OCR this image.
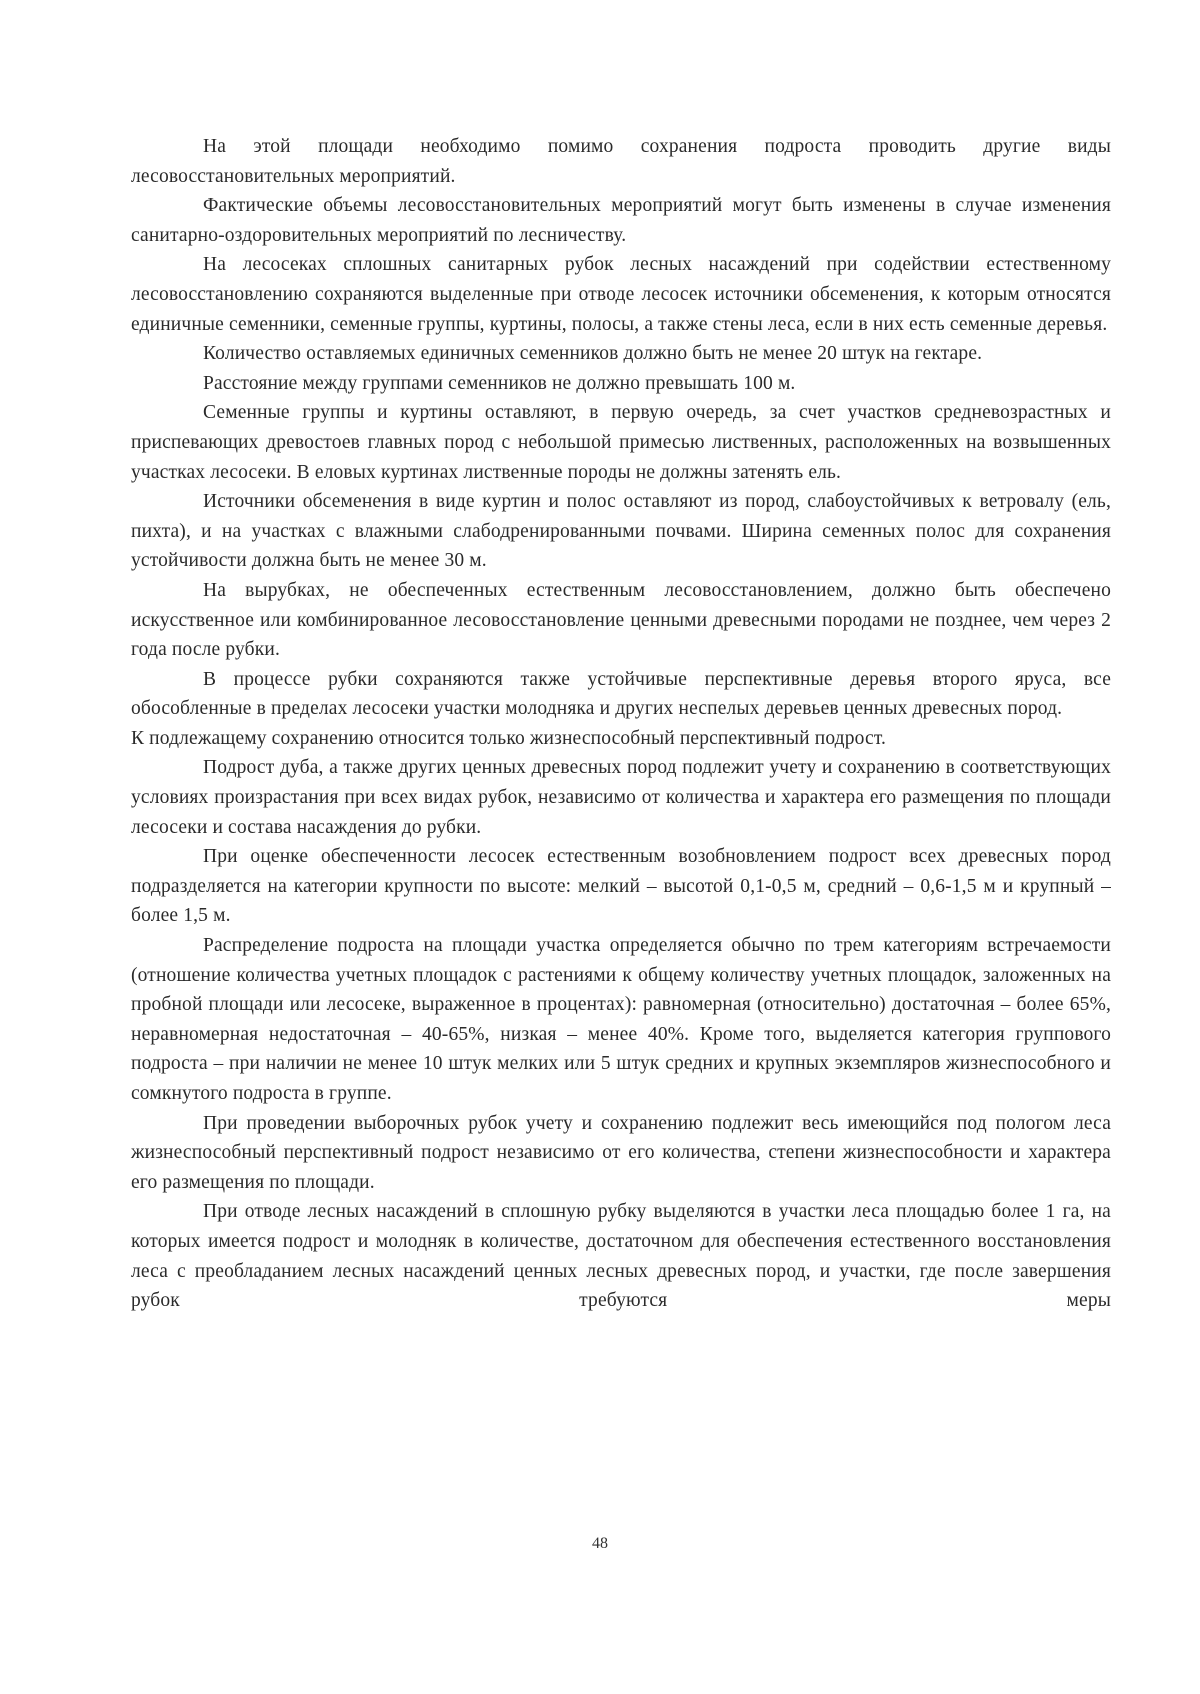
На этой площади необходимо помимо сохранения подроста проводить другие виды лесовосстановительных мероприятий.

Фактические объемы лесовосстановительных мероприятий могут быть изменены в случае изменения санитарно-оздоровительных мероприятий по лесничеству.

На лесосеках сплошных санитарных рубок лесных насаждений при содействии естественному лесовосстановлению сохраняются выделенные при отводе лесосек источники обсеменения, к которым относятся единичные семенники, семенные группы, куртины, полосы, а также стены леса, если в них есть семенные деревья.

Количество оставляемых единичных семенников должно быть не менее 20 штук на гектаре.

Расстояние между группами семенников не должно превышать 100 м.

Семенные группы и куртины оставляют, в первую очередь, за счет участков средневозрастных и приспевающих древостоев главных пород с небольшой примесью лиственных, расположенных на возвышенных участках лесосеки. В еловых куртинах лиственные породы не должны затенять ель.

Источники обсеменения в виде куртин и полос оставляют из пород, слабоустойчивых к ветровалу (ель, пихта), и на участках с влажными слабодренированными почвами. Ширина семенных полос для сохранения устойчивости должна быть не менее 30 м.

На вырубках, не обеспеченных естественным лесовосстановлением, должно быть обеспечено искусственное или комбинированное лесовосстановление ценными древесными породами не позднее, чем через 2 года после рубки.

В процессе рубки сохраняются также устойчивые перспективные деревья второго яруса, все обособленные в пределах лесосеки участки молодняка и других неспелых деревьев ценных древесных пород.

К подлежащему сохранению относится только жизнеспособный перспективный подрост.

Подрост дуба, а также других ценных древесных пород подлежит учету и сохранению в соответствующих условиях произрастания при всех видах рубок, независимо от количества и характера его размещения по площади лесосеки и состава насаждения до рубки.

При оценке обеспеченности лесосек естественным возобновлением подрост всех древесных пород подразделяется на категории крупности по высоте: мелкий – высотой 0,1-0,5 м, средний – 0,6-1,5 м и крупный – более 1,5 м.

Распределение подроста на площади участка определяется обычно по трем категориям встречаемости (отношение количества учетных площадок с растениями к общему количеству учетных площадок, заложенных на пробной площади или лесосеке, выраженное в процентах): равномерная (относительно) достаточная – более 65%, неравномерная недостаточная – 40-65%, низкая – менее 40%. Кроме того, выделяется категория группового подроста – при наличии не менее 10 штук мелких или 5 штук средних и крупных экземпляров жизнеспособного и сомкнутого подроста в группе.

При проведении выборочных рубок учету и сохранению подлежит весь имеющийся под пологом леса жизнеспособный перспективный подрост независимо от его количества, степени жизнеспособности и характера его размещения по площади.

При отводе лесных насаждений в сплошную рубку выделяются в участки леса площадью более 1 га, на которых имеется подрост и молодняк в количестве, достаточном для обеспечения естественного восстановления леса с преобладанием лесных насаждений ценных лесных древесных пород, и участки, где после завершения рубок требуются меры

48
